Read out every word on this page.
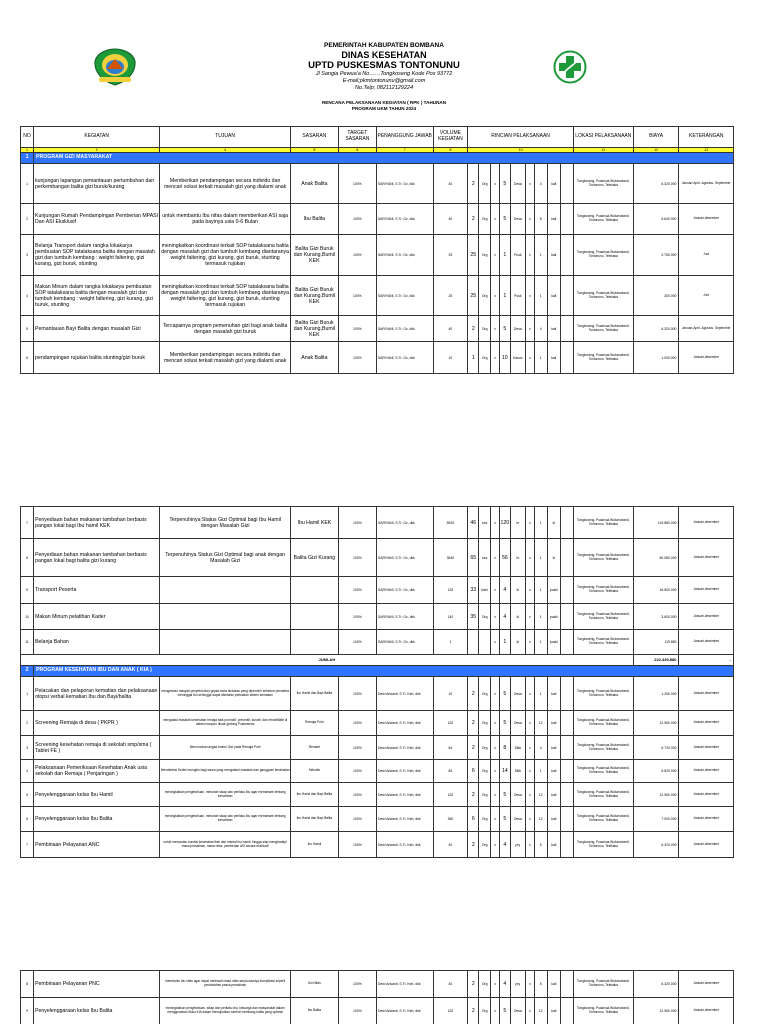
PEMERINTAH KABUPATEN BOMBANA
DINAS KESEHATAN
UPTD PUSKESMAS TONTONUNU
Jl Sangia Pewua'a No……Tongkoseng Kode Pos 93772
E-mail;pkmtontonunu@gmail.com
No.Telp; 082112129224
RENCANA PELAKSANAAN KEGIATAN ( RPK ) TAHUNAN
PROGRAM UKM TAHUN 2024
NO	KEGIATAN	TUJUAN	SASARAN	TARGET SASARAN	PENANGGUNG JAWAB	VOLUME KEGIATAN	RINCIAN PELAKSANAAN									LOKASI PELAKSANAAN	BIAYA	KETERANGAN
1	2	4	5	6	7	8	10									11	12	12
1	PROGRAM GIZI MASYARAKAT																	
1	kunjungan lapangan pemantauan pertumbuhan dan perkembangan balita gizi buruk/kurang	Memberikan pendampingan secara individu dan mencari solusi terkait masalah gizi yang dialami anak	Anak Balita	100%	SARIYANI, S.Tr. Gz, dkk	40	2	Org	x	5	Desa	x	4	kali		Tongkoseng, Puasinua,Wulumatondi, Tontonunu, Telekaka	6.320.000	Januari-April- Agustus- September
2	Kunjungan Rumah Pendampingan Pemberian MPASI Dan ASI Eksklusif	untuk membantu Ibu nifas dalam memberikan ASI saja pada bayinya usia 0-6 Bulan	Ibu Balita	100%	SARIYANI, S.Tr. Gz, dkk	40	2	Org	x	5	Desa	x	8	kali		Tongkoseng, Puasinua,Wulumatondi, Tontonunu, Telekaka	6.640.000	Januari-desember
3	Belanja Transport dalam rangka lokakarya pembuatan SOP tatalaksana balita dengan masalah gizi dan tumbuh kembang : weight faltering, gizi kurang, gizi buruk, stunting	meningkatkan koordinasi terkait SOP tatalaksana balita dengan masalah gizi dan tumbuh kembang diantaranya weight faltering, gizi kurang, gizi buruk, stunting termasuk rujukan	Balita Gizi Buruk dan Kurang,Bumil KEK	100%	SARIYANI, S.Tr. Gz, dkk	25	25	Org	x	1	Pusk	x	1	kali		Tongkoseng, Puasinua,Wulumatondi, Tontonunu, Telekaka	2.750.000	Juni
4	Makan Minum dalam rangka lokakarya pembuatan SOP tatalaksana balita dengan masalah gizi dan tumbuh kembang : weight faltering, gizi kurang, gizi buruk, stunting	meningkatkan koordinasi terkait SOP tatalaksana balita dengan masalah gizi dan tumbuh kembang diantaranya weight faltering, gizi kurang, gizi buruk, stunting termasuk rujukan	Balita Gizi Buruk dan Kurang,Bumil KEK	100%	SARIYANI, S.Tr. Gz, dkk	25	25	Org	x	1	Pusk	x	1	kali		Tongkoseng, Puasinua,Wulumatondi, Tontonunu, Telekaka	300.000	Juni
5	Pemantauan Bayi Balita dengan masalah Gizi	Tercapainya program pemenuhan gizi bagi anak balita dengan masalah gizi buruk	Balita Gizi Buruk dan Kurang,Bumil KEK	100%	SARIYANI, S.Tr. Gz, dkk	40	2	Org	x	5	Desa	x	4	kali		Tongkoseng, Puasinua,Wulumatondi, Tontonunu, Telekaka	6.320.000	Januari-April- Agustus- September
6	pendampingan rujukan balita stunting/gizi buruk	Memberikan pendampingan secara individu dan mencari solusi terkait masalah gizi yang dialami anak	Anak Balita	100%	SARIYANI, S.Tr. Gz, dkk	10	1	Org	x	10	Kasus	x	1	kali		Tongkoseng, Puasinua,Wulumatondi, Tontonunu, Telekaka	1.000.000	Januari-desember
7	Penyediaan bahan makanan tambahan berbasis pangan lokal bagi Ibu hamil KEK	Terpenuhinya Status Gizi Optimal bagi Ibu Hamil dengan Masalah Gizi	Ibu Hamil KEK	100%	SARIYANI, S.Tr. Gz, dkk	5520	46	kss	x	120	hr	x	1	kl		Tongkoseng, Puasinua,Wulumatondi, Tontonunu, Telekaka	119.880.000	Januari-desember
8	Penyediaan bahan makanan tambahan berbasis pangan lokal bagi balita gizi kurang	Terpenuhinya Status Gizi Optimal bagi anak dengan Masalah Gizi	Balita Gizi Kurang	100%	SARIYANI, S.Tr. Gz, dkk	3640	65	kss	x	56	hr	x	1	kl		Tongkoseng, Puasinua,Wulumatondi, Tontonunu, Telekaka	80.080.000	Januari-desember
9	Transport Peserta			100%	SARIYANI, S.Tr. Gz, dkk	132	33	kder	x	4	kl	x	1	puskl		Tongkoseng, Puasinua,Wulumatondi, Tontonunu, Telekaka	16.500.000	Januari-desember
10	Makan Minum pelatihan Kader			100%	SARIYANI, S.Tr. Gz, dkk	140	35	Org	x	4	kl	x	1	puskl		Tongkoseng, Puasinua,Wulumatondi, Tontonunu, Telekaka	3.600.000	Januari-desember
11	Belanja Bahan			100%	SARIYANI, S.Tr. Gz, dkk	1			x	1	kl	x	1	puskl		Tongkoseng, Puasinua,Wulumatondi, Tontonunu, Telekaka	119.880	Januari-desember
JUMLAH																	222.439.880	-
2	PROGRAM KESEHATAN IBU DAN ANAK ( KIA )																	
1	Pelacakan dan pelaporan kematian dan pelaksanaan otopsi verbal kematian Ibu dan Bayi/balita	mengetahui masyali penyebit atau gejala serta tindakan yang diperoleh sebelum penderita meninggal Ibu sehingga dapat diketahui perbaikan sistem kematian	Ibu Hamil dan Bayi Balita	100%	Dewi Arisanti, S.Tr. Keb, dkk	10	2	Org	x	5	Desa	x	1	kali		Tongkoseng, Puasinua,Wulumatondi, Tontonunu, Telekaka	1.260.000	Januari-desember
2	Screening Remaja di desa ( PKPR )	mengatasi masalah kesehatan remaja baik promotif, preventif, kuratif, dan rehabilitatif di dalam maupun diluar gedung Puskesmas	Remaja Putri	100%	Dewi Arisanti, S.Tr. Keb, dkk	120	2	Org	x	5	Desa	x	12	kali		Tongkoseng, Puasinua,Wulumatondi, Tontonunu, Telekaka	12.960.000	Januari-desember
3	Screening kesehatan remaja di sekolah smp/sma ( Tablet FE )	Menurunkan angka Anemi Gizi pada Remaja Putri	Remaht	100%	Dewi Arisanti, S.Tr. Keb, dkk	64	2	Org	x	8	Sklh	x	4	kali		Tongkoseng, Puasinua,Wulumatondi, Tontonunu, Telekaka	6.720.000	Januari-desember
4	Pelaksanaan Pemeriksaan Kesehatan Anak usia sekolah dan Remaja ( Penjaringan )	Mendeteksi Sedini mungkin bagi siswa yang mengalami masalah dan gangguan kesehatan	Sekolah	100%	Dewi Arisanti, S.Tr. Keb, dkk	84	6	Org	x	14	Sklh	x	1	kali		Tongkoseng, Puasinua,Wulumatondi, Tontonunu, Telekaka	6.820.000	Januari-desember
5	Penyelenggaraan kelas Ibu Hamil	meningkatkan pengetahuan, merubah sikap dan perilaku ibu agar memahami tentang kehamilan	Ibu Hamil dan Bayi Balita	100%	Dewi Arisanti, S.Tr. Keb, dkk	120	2	Org	x	5	Desa	x	12	kali		Tongkoseng, Puasinua,Wulumatondi, Tontonunu, Telekaka	12.960.000	Januari-desember
6	Penyelenggaraan kelas Ibu Balita	meningkatkan pengetahuan, merubah sikap dan perilaku ibu agar memahami tentang kehamilan	Ibu Hamil dan Bayi Balita	100%	Dewi Arisanti, S.Tr. Keb, dkk	360	6	Org	x	5	Desa	x	12	kali		Tongkoseng, Puasinua,Wulumatondi, Tontonunu, Telekaka	7.000.000	Januari-desember
7	Pembinaan Pelayanan ANC	untuk memantau kondisi kesehatan fisik dan mental ibu hamil, hingga siap menghadapi masa persalinan, masa nifas, pemberian ASI secara eksklusif	Ibu Hamil	100%	Dewi Arisanti, S.Tr. Keb, dkk	40	2	Org	x	4	pry	x	5	kali		Tongkoseng, Puasinua,Wulumatondi, Tontonunu, Telekaka	6.320.000	Januari-desember
8	Pembinaan Pelayanan PNC	membantu ibu nifas agar dapat melewati masa nifas tanpa adanya komplikasi seperti pendarahan pasca persalinan	Ibu Nifas	100%	Dewi Arisanti, S.Tr. Keb, dkk	40	2	Org	x	4	pry	x	5	kali		Tongkoseng, Puasinua,Wulumatondi, Tontonunu, Telekaka	6.320.000	Januari-desember
9	Penyelenggaraan kelas Ibu Balita	meningkatkan pengetahuan, sikap dan perilaku ibu, keluarga dan masyarakat dalam menggunakan Buku KIA dalam mewujudkan tumbuh kembang balita yang optimal	Ibu Balita	100%	Dewi Arisanti, S.Tr. Keb, dkk	120	2	Org	x	5	Desa	x	12	kali		Tongkoseng, Puasinua,Wulumatondi, Tontonunu, Telekaka	12.960.000	Januari-desember
